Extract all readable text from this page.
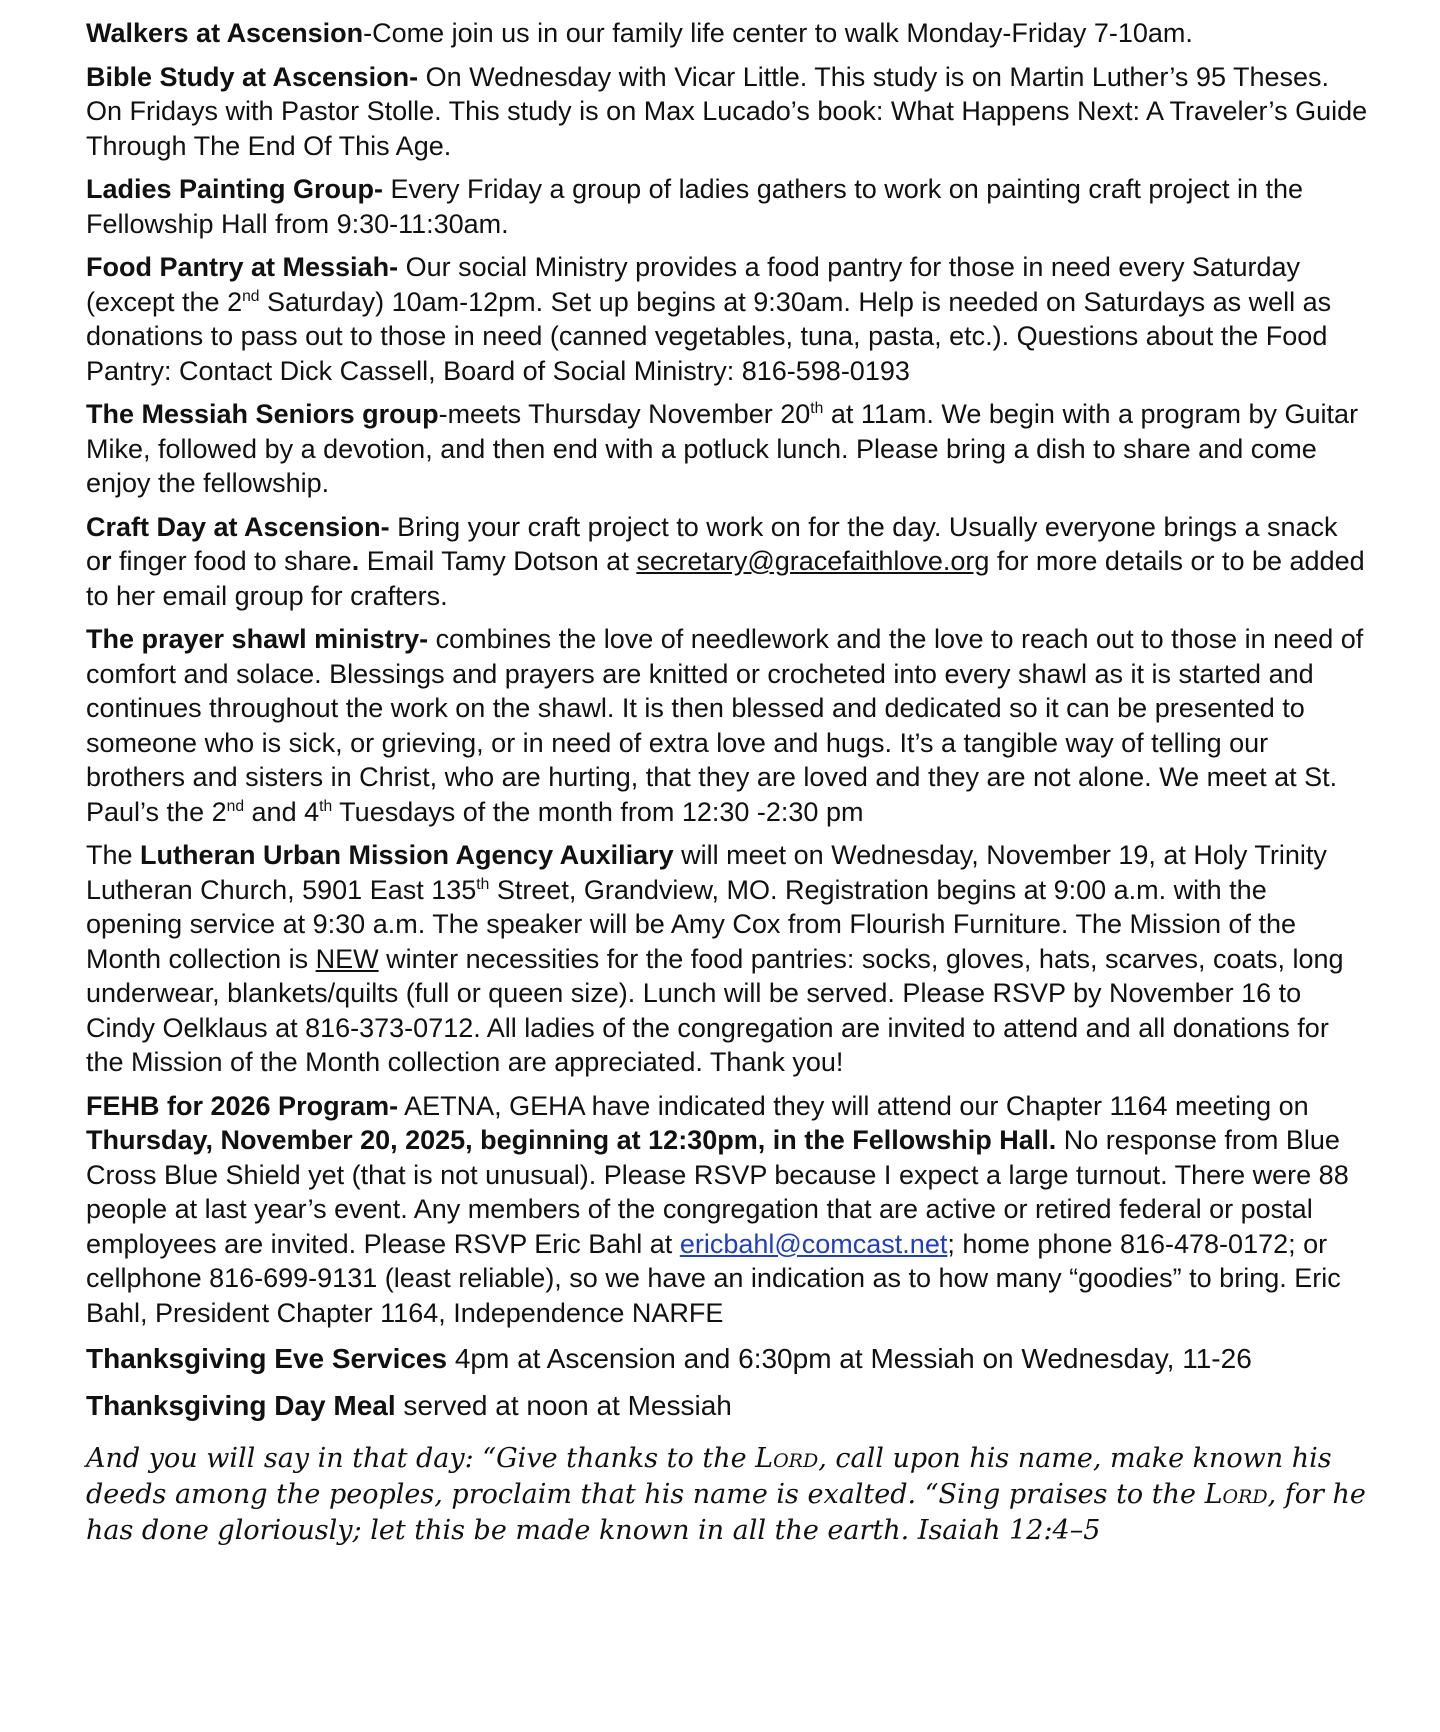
Walkers at Ascension-Come join us in our family life center to walk Monday-Friday 7-10am.

Bible Study at Ascension- On Wednesday with Vicar Little. This study is on Martin Luther’s 95 Theses. On Fridays with Pastor Stolle. This study is on Max Lucado’s book: What Happens Next: A Traveler’s Guide Through The End Of This Age.

Ladies Painting Group- Every Friday a group of ladies gathers to work on painting craft project in the Fellowship Hall from 9:30-11:30am.

Food Pantry at Messiah- Our social Ministry provides a food pantry for those in need every Saturday (except the 2nd Saturday) 10am-12pm. Set up begins at 9:30am. Help is needed on Saturdays as well as donations to pass out to those in need (canned vegetables, tuna, pasta, etc.). Questions about the Food Pantry: Contact Dick Cassell, Board of Social Ministry: 816-598-0193

The Messiah Seniors group-meets Thursday November 20th at 11am. We begin with a program by Guitar Mike, followed by a devotion, and then end with a potluck lunch. Please bring a dish to share and come enjoy the fellowship.

Craft Day at Ascension- Bring your craft project to work on for the day. Usually everyone brings a snack or finger food to share. Email Tamy Dotson at secretary@gracefaithlove.org for more details or to be added to her email group for crafters.

The prayer shawl ministry- combines the love of needlework and the love to reach out to those in need of comfort and solace. Blessings and prayers are knitted or crocheted into every shawl as it is started and continues throughout the work on the shawl. It is then blessed and dedicated so it can be presented to someone who is sick, or grieving, or in need of extra love and hugs. It’s a tangible way of telling our brothers and sisters in Christ, who are hurting, that they are loved and they are not alone. We meet at St. Paul’s the 2nd and 4th Tuesdays of the month from 12:30 -2:30 pm

The Lutheran Urban Mission Agency Auxiliary will meet on Wednesday, November 19, at Holy Trinity Lutheran Church, 5901 East 135th Street, Grandview, MO. Registration begins at 9:00 a.m. with the opening service at 9:30 a.m. The speaker will be Amy Cox from Flourish Furniture. The Mission of the Month collection is NEW winter necessities for the food pantries: socks, gloves, hats, scarves, coats, long underwear, blankets/quilts (full or queen size). Lunch will be served. Please RSVP by November 16 to Cindy Oelklaus at 816-373-0712. All ladies of the congregation are invited to attend and all donations for the Mission of the Month collection are appreciated. Thank you!

FEHB for 2026 Program- AETNA, GEHA have indicated they will attend our Chapter 1164 meeting on Thursday, November 20, 2025, beginning at 12:30pm, in the Fellowship Hall. No response from Blue Cross Blue Shield yet (that is not unusual). Please RSVP because I expect a large turnout. There were 88 people at last year’s event. Any members of the congregation that are active or retired federal or postal employees are invited. Please RSVP Eric Bahl at ericbahl@comcast.net; home phone 816-478-0172; or cellphone 816-699-9131 (least reliable), so we have an indication as to how many “goodies” to bring. Eric Bahl, President Chapter 1164, Independence NARFE

Thanksgiving Eve Services 4pm at Ascension and 6:30pm at Messiah on Wednesday, 11-26

Thanksgiving Day Meal served at noon at Messiah

And you will say in that day: “Give thanks to the Lord, call upon his name, make known his deeds among the peoples, proclaim that his name is exalted. “Sing praises to the Lord, for he has done gloriously; let this be made known in all the earth. Isaiah 12:4–5
